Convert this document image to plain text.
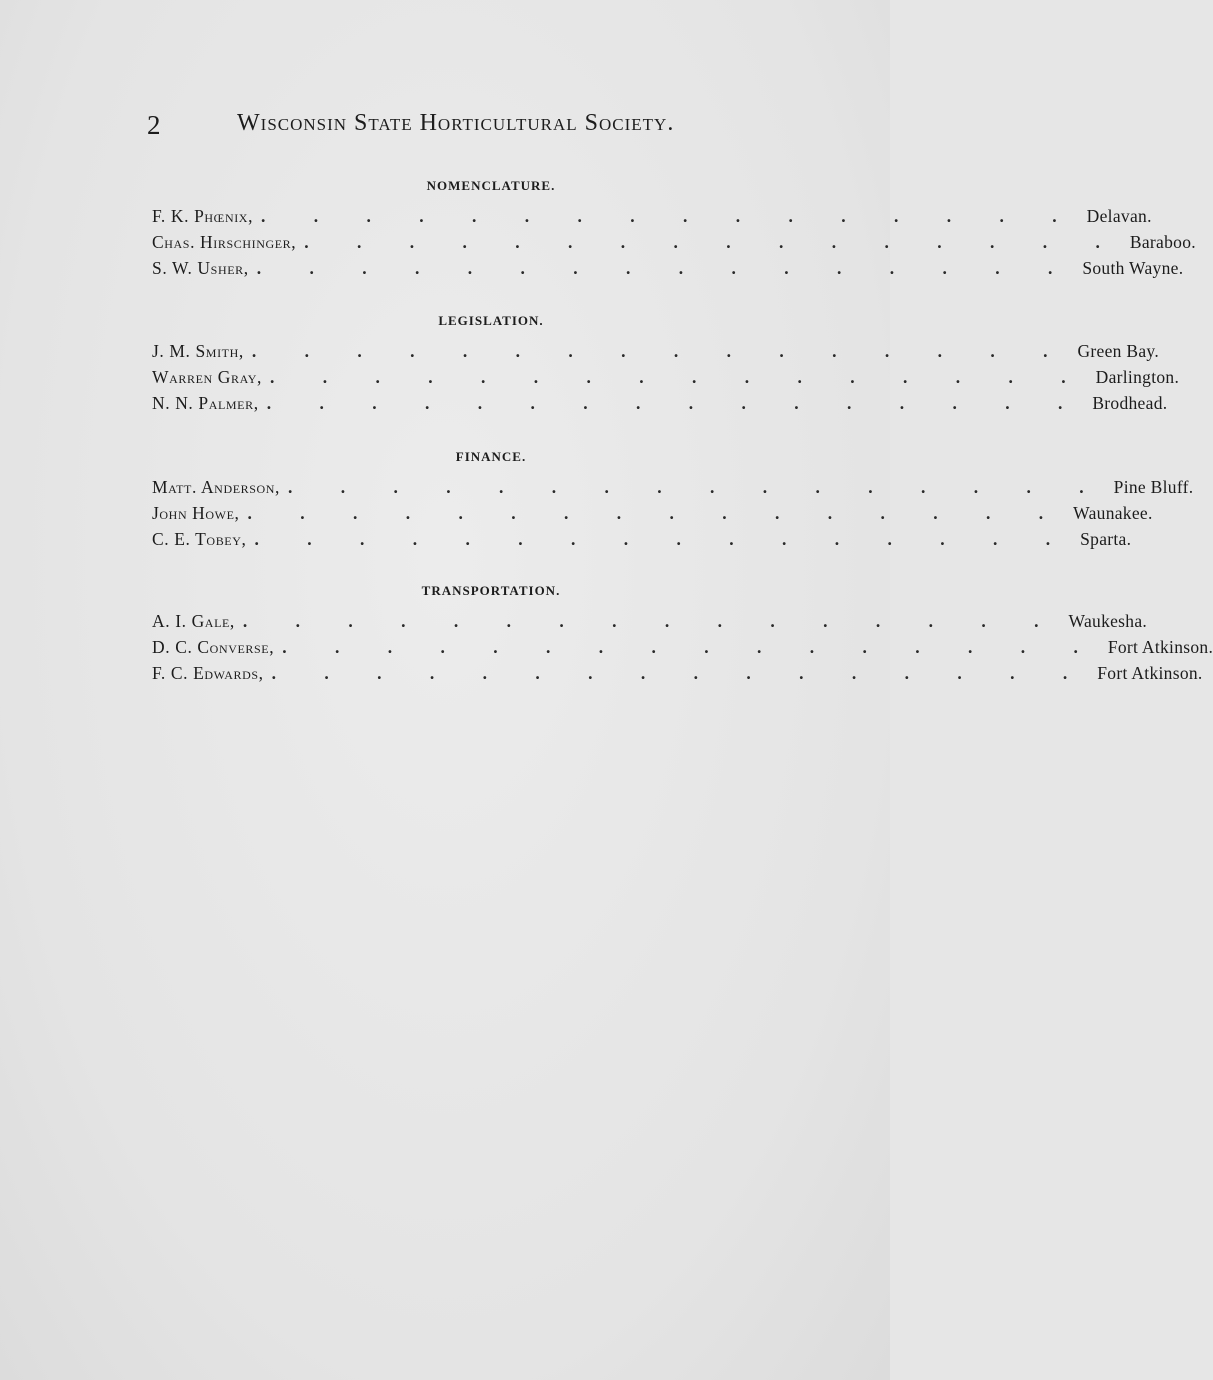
2	Wisconsin State Horticultural Society.
NOMENCLATURE.
F. K. Phœnix, . . . . . . . . . . . . . . . . Delavan.
Chas. Hirschinger, . . . . . . . . . . . . . . . . Baraboo.
S. W. Usher, . . . . . . . . . . . . . . . . South Wayne.
LEGISLATION.
J. M. Smith, . . . . . . . . . . . . . . . . Green Bay.
Warren Gray, . . . . . . . . . . . . . . . . Darlington.
N. N. Palmer, . . . . . . . . . . . . . . . . Brodhead.
FINANCE.
Matt. Anderson, . . . . . . . . . . . . . . . . Pine Bluff.
John Howe, . . . . . . . . . . . . . . . . Waunakee.
C. E. Tobey, . . . . . . . . . . . . . . . . Sparta.
TRANSPORTATION.
A. I. Gale, . . . . . . . . . . . . . . . . Waukesha.
D. C. Converse, . . . . . . . . . . . . . . . . Fort Atkinson.
F. C. Edwards, . . . . . . . . . . . . . . . . Fort Atkinson.
